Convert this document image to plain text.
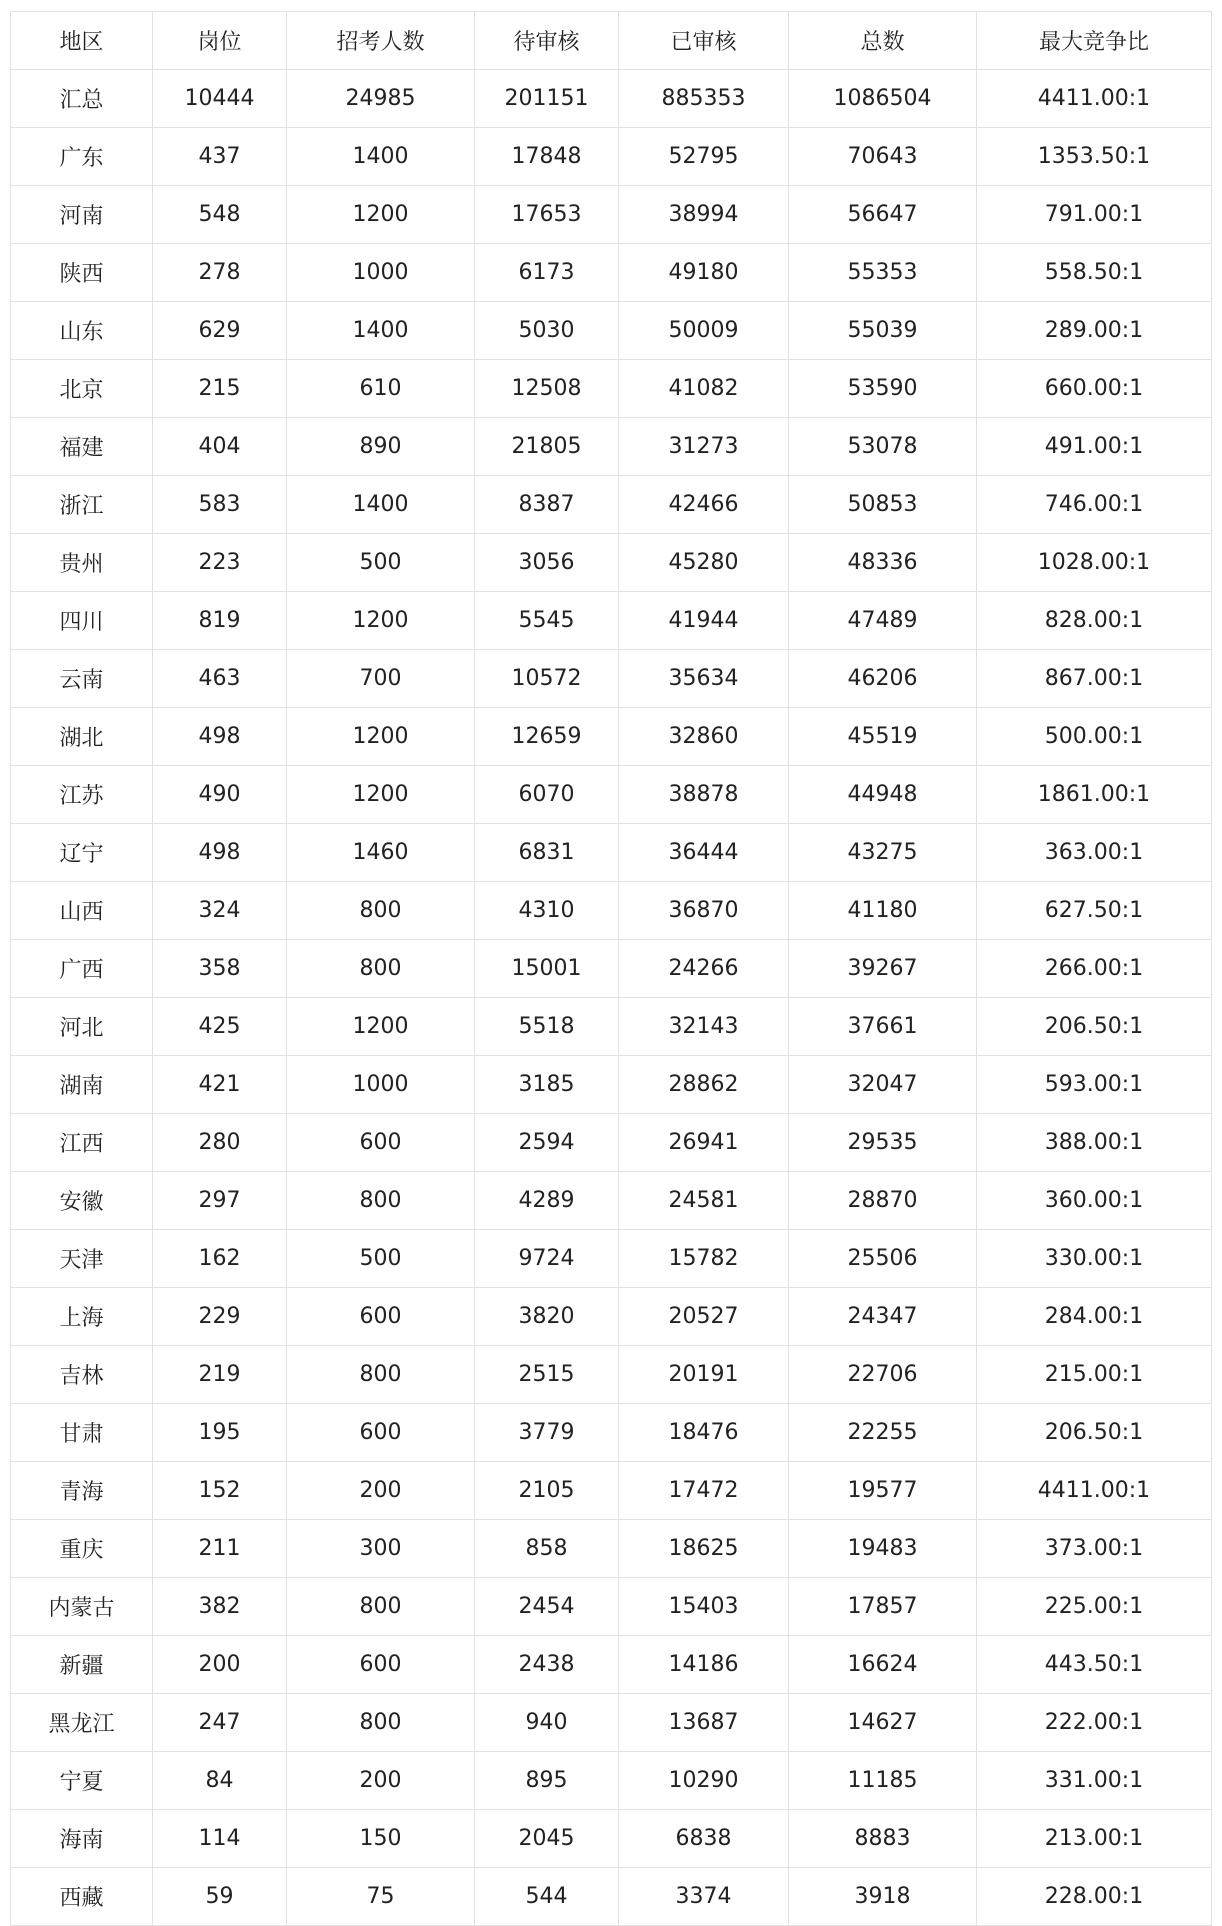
地区	岗位	招考人数	待审核	已审核	总数	最大竞争比
汇总	10444	24985	201151	885353	1086504	4411.00:1
广东	437	1400	17848	52795	70643	1353.50:1
河南	548	1200	17653	38994	56647	791.00:1
陕西	278	1000	6173	49180	55353	558.50:1
山东	629	1400	5030	50009	55039	289.00:1
北京	215	610	12508	41082	53590	660.00:1
福建	404	890	21805	31273	53078	491.00:1
浙江	583	1400	8387	42466	50853	746.00:1
贵州	223	500	3056	45280	48336	1028.00:1
四川	819	1200	5545	41944	47489	828.00:1
云南	463	700	10572	35634	46206	867.00:1
湖北	498	1200	12659	32860	45519	500.00:1
江苏	490	1200	6070	38878	44948	1861.00:1
辽宁	498	1460	6831	36444	43275	363.00:1
山西	324	800	4310	36870	41180	627.50:1
广西	358	800	15001	24266	39267	266.00:1
河北	425	1200	5518	32143	37661	206.50:1
湖南	421	1000	3185	28862	32047	593.00:1
江西	280	600	2594	26941	29535	388.00:1
安徽	297	800	4289	24581	28870	360.00:1
天津	162	500	9724	15782	25506	330.00:1
上海	229	600	3820	20527	24347	284.00:1
吉林	219	800	2515	20191	22706	215.00:1
甘肃	195	600	3779	18476	22255	206.50:1
青海	152	200	2105	17472	19577	4411.00:1
重庆	211	300	858	18625	19483	373.00:1
内蒙古	382	800	2454	15403	17857	225.00:1
新疆	200	600	2438	14186	16624	443.50:1
黑龙江	247	800	940	13687	14627	222.00:1
宁夏	84	200	895	10290	11185	331.00:1
海南	114	150	2045	6838	8883	213.00:1
西藏	59	75	544	3374	3918	228.00:1
